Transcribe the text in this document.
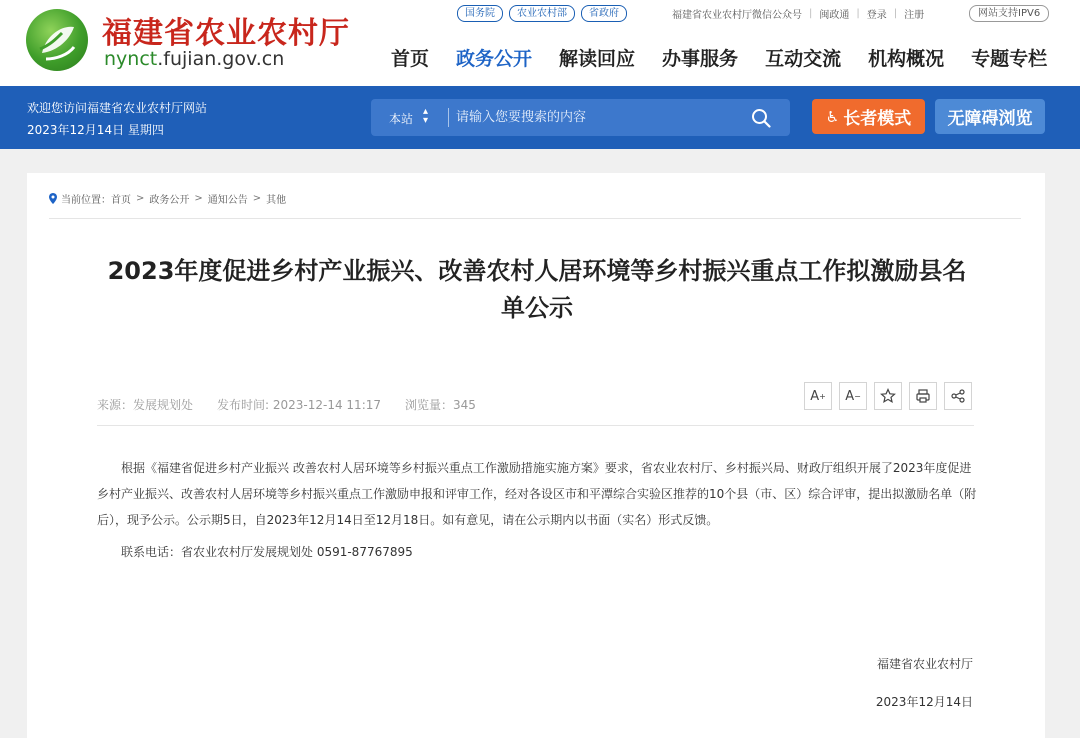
福建省农业农村厅
nynct.fujian.gov.cn
国务院	农业农村部	省政府	福建省农业农村厅微信公众号 | 闽政通 | 登录 | 注册	网站支持IPV6
首页 政务公开 解读回应 办事服务 互动交流 机构概况 专题专栏
欢迎您访问福建省农业农村厅网站
2023年12月14日 星期四
本站
▴
▾
请输入您要搜索的内容	♿ 长者模式	无障碍浏览
当前位置： 首页 > 政务公开 > 通知公告 > 其他
2023年度促进乡村产业振兴、改善农村人居环境等乡村振兴重点工作拟激励县名单公示
来源：发展规划处 发布时间: 2023-12-14 11:17 浏览量：345
A +	A −

根据《福建省促进乡村产业振兴 改善农村人居环境等乡村振兴重点工作激励措施实施方案》要求，省农业农村厅、乡村振兴局、财政厅组织开展了2023年度促进乡村产业振兴、改善农村人居环境等乡村振兴重点工作激励申报和评审工作，经对各设区市和平潭综合实验区推荐的10个县（市、区）综合评审，提出拟激励名单（附后），现予公示。公示期5日，自2023年12月14日至12月18日。如有意见，请在公示期内以书面（实名）形式反馈。

联系电话：省农业农村厅发展规划处 0591-87767895
福建省农业农村厅
2023年12月14日
